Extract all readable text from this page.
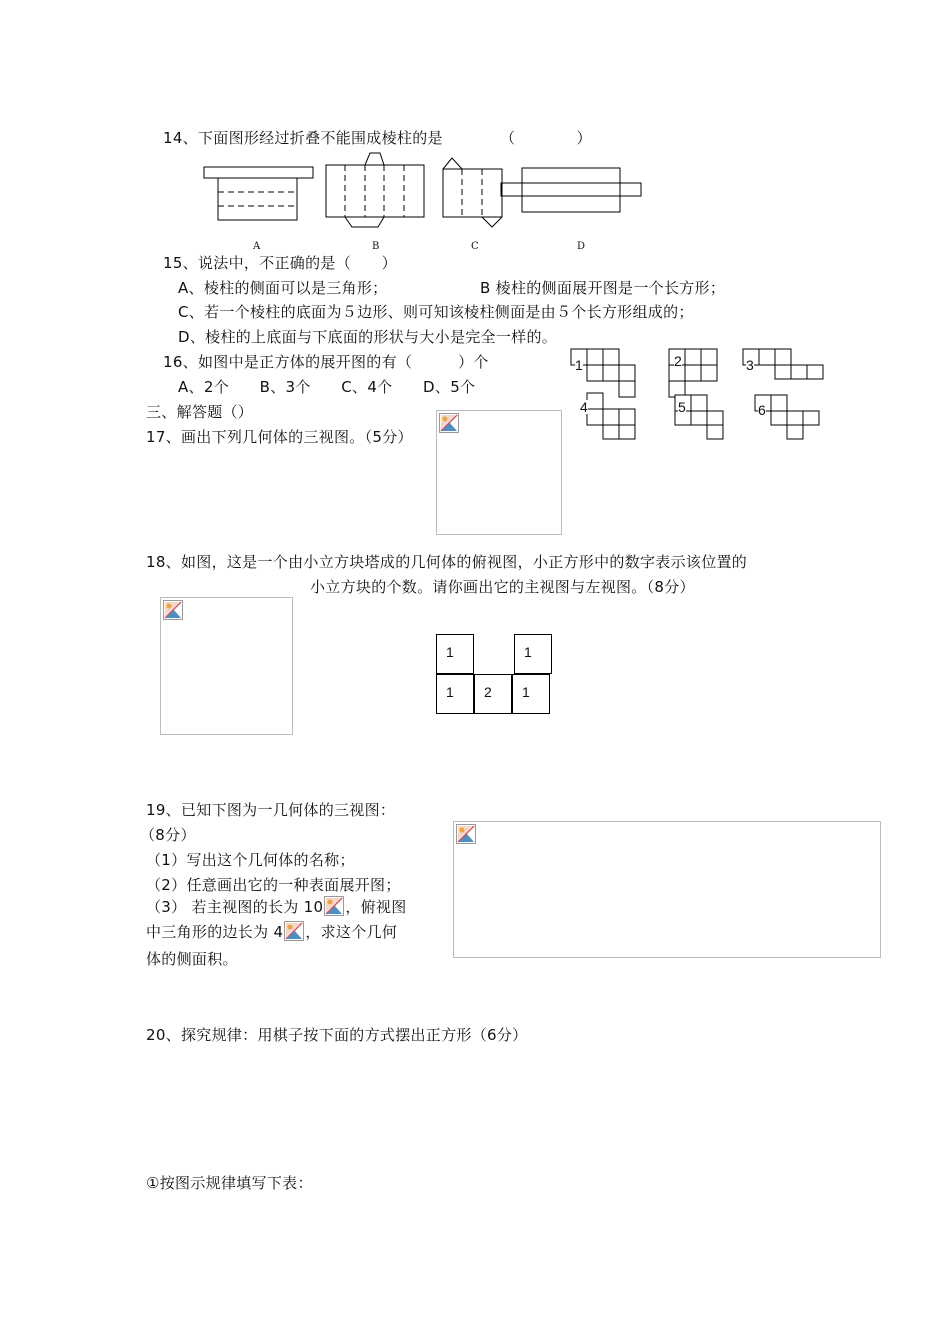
14、下面图形经过折叠不能围成棱柱的是	（　　　　）
A	B	C	D
15、说法中，不正确的是（　　）
A、棱柱的侧面可以是三角形；	B 棱柱的侧面展开图是一个长方形；
C、若一个棱柱的底面为５边形、则可知该棱柱侧面是由５个长方形组成的；
D、棱柱的上底面与下底面的形状与大小是完全一样的。
16、如图中是正方体的展开图的有（　　　）个
A、2个　　B、3个　　C、4个　　D、5个
1	2	3
4	5	6
三、解答题（）
17、画出下列几何体的三视图。（5分）
18、如图，这是一个由小立方块塔成的几何体的俯视图，小正方形中的数字表示该位置的
小立方块的个数。请你画出它的主视图与左视图。（8分）
1	1
1 2 1
19、已知下图为一几何体的三视图：
（8分）
（1）写出这个几何体的名称；
（2）任意画出它的一种表面展开图；
（3） 若主视图的长为 10 ，俯视图
中三角形的边长为 4 ，求这个几何
体的侧面积。
20、探究规律：用棋子按下面的方式摆出正方形（6分）
①按图示规律填写下表：
